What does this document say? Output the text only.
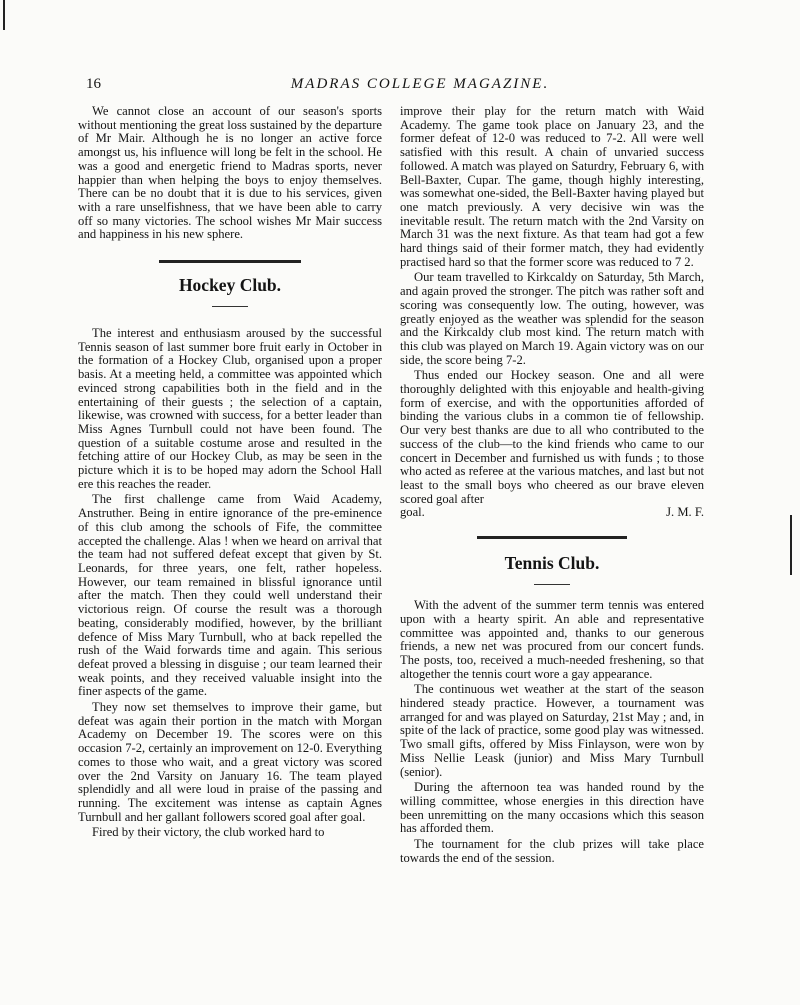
16	MADRAS COLLEGE MAGAZINE.

We cannot close an account of our season's sports without mentioning the great loss sustained by the departure of Mr Mair. Although he is no longer an active force amongst us, his influence will long be felt in the school. He was a good and energetic friend to Madras sports, never happier than when helping the boys to enjoy themselves. There can be no doubt that it is due to his services, given with a rare unselfishness, that we have been able to carry off so many victories. The school wishes Mr Mair success and happiness in his new sphere.

Hockey Club.

The interest and enthusiasm aroused by the successful Tennis season of last summer bore fruit early in October in the formation of a Hockey Club, organised upon a proper basis. At a meeting held, a committee was appointed which evinced strong capabilities both in the field and in the entertaining of their guests ; the selection of a captain, likewise, was crowned with success, for a better leader than Miss Agnes Turnbull could not have been found. The question of a suitable costume arose and resulted in the fetching attire of our Hockey Club, as may be seen in the picture which it is to be hoped may adorn the School Hall ere this reaches the reader.

The first challenge came from Waid Academy, Anstruther. Being in entire ignorance of the pre-eminence of this club among the schools of Fife, the committee accepted the challenge. Alas ! when we heard on arrival that the team had not suffered defeat except that given by St. Leonards, for three years, one felt, rather hopeless. However, our team remained in blissful ignorance until after the match. Then they could well understand their victorious reign. Of course the result was a thorough beating, considerably modified, however, by the brilliant defence of Miss Mary Turnbull, who at back repelled the rush of the Waid forwards time and again. This serious defeat proved a blessing in disguise ; our team learned their weak points, and they received valuable insight into the finer aspects of the game.

They now set themselves to improve their game, but defeat was again their portion in the match with Morgan Academy on December 19. The scores were on this occasion 7-2, certainly an improvement on 12-0. Everything comes to those who wait, and a great victory was scored over the 2nd Varsity on January 16. The team played splendidly and all were loud in praise of the passing and running. The excitement was intense as captain Agnes Turnbull and her gallant followers scored goal after goal.

Fired by their victory, the club worked hard to

improve their play for the return match with Waid Academy. The game took place on January 23, and the former defeat of 12-0 was reduced to 7-2. All were well satisfied with this result. A chain of unvaried success followed. A match was played on Saturdry, February 6, with Bell-Baxter, Cupar. The game, though highly interesting, was somewhat one-sided, the Bell-Baxter having played but one match previously. A very decisive win was the inevitable result. The return match with the 2nd Varsity on March 31 was the next fixture. As that team had got a few hard things said of their former match, they had evidently practised hard so that the former score was reduced to 7 2.

Our team travelled to Kirkcaldy on Saturday, 5th March, and again proved the stronger. The pitch was rather soft and scoring was consequently low. The outing, however, was greatly enjoyed as the weather was splendid for the season and the Kirkcaldy club most kind. The return match with this club was played on March 19. Again victory was on our side, the score being 7-2.

Thus ended our Hockey season. One and all were thoroughly delighted with this enjoyable and health-giving form of exercise, and with the opportunities afforded of binding the various clubs in a common tie of fellowship. Our very best thanks are due to all who contributed to the success of the club—to the kind friends who came to our concert in December and furnished us with funds ; to those who acted as referee at the various matches, and last but not least to the small boys who cheered as our brave eleven scored goal after

goal.	J. M. F.

Tennis Club.

With the advent of the summer term tennis was entered upon with a hearty spirit. An able and representative committee was appointed and, thanks to our generous friends, a new net was procured from our concert funds. The posts, too, received a much-needed freshening, so that altogether the tennis court wore a gay appearance.

The continuous wet weather at the start of the season hindered steady practice. However, a tournament was arranged for and was played on Saturday, 21st May ; and, in spite of the lack of practice, some good play was witnessed. Two small gifts, offered by Miss Finlayson, were won by Miss Nellie Leask (junior) and Miss Mary Turnbull (senior).

During the afternoon tea was handed round by the willing committee, whose energies in this direction have been unremitting on the many occasions which this season has afforded them.

The tournament for the club prizes will take place towards the end of the session.
